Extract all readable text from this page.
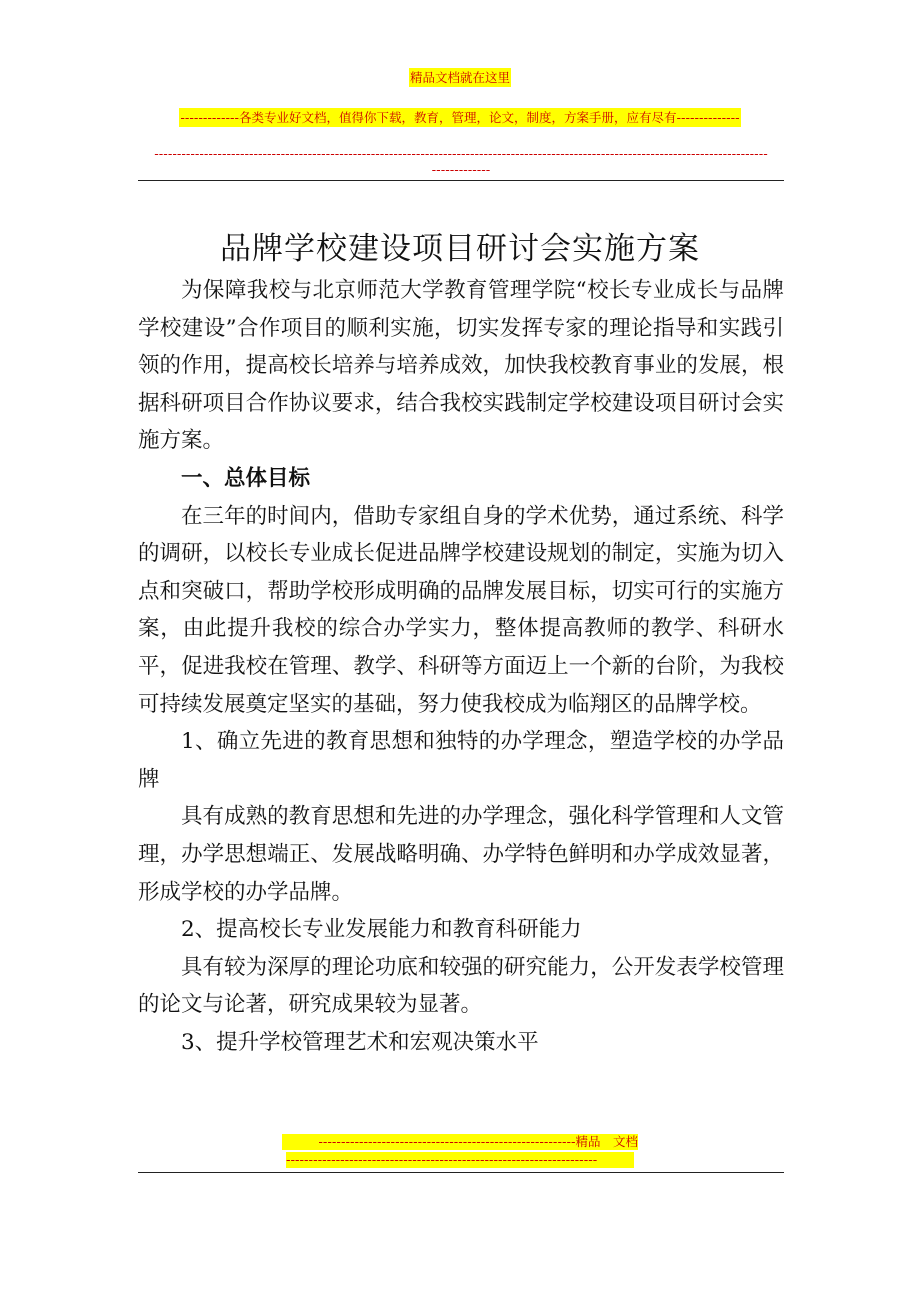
精品文档就在这里
-------------各类专业好文档，值得你下载，教育，管理，论文，制度，方案手册，应有尽有--------------
----------------------------------------------------------------------------------------------------------------------------------------
-------------
品牌学校建设项目研讨会实施方案

为保障我校与北京师范大学教育管理学院“校长专业成长与品牌学校建设”合作项目的顺利实施，切实发挥专家的理论指导和实践引领的作用，提高校长培养与培养成效，加快我校教育事业的发展，根据科研项目合作协议要求，结合我校实践制定学校建设项目研讨会实施方案。

一、总体目标

在三年的时间内，借助专家组自身的学术优势，通过系统、科学的调研，以校长专业成长促进品牌学校建设规划的制定，实施为切入点和突破口，帮助学校形成明确的品牌发展目标，切实可行的实施方案，由此提升我校的综合办学实力，整体提高教师的教学、科研水平，促进我校在管理、教学、科研等方面迈上一个新的台阶，为我校可持续发展奠定坚实的基础，努力使我校成为临翔区的品牌学校。

1、确立先进的教育思想和独特的办学理念，塑造学校的办学品牌

具有成熟的教育思想和先进的办学理念，强化科学管理和人文管理，办学思想端正、发展战略明确、办学特色鲜明和办学成效显著，形成学校的办学品牌。

2、提高校长专业发展能力和教育科研能力

具有较为深厚的理论功底和较强的研究能力，公开发表学校管理的论文与论著，研究成果较为显著。

3、提升学校管理艺术和宏观决策水平

---------------------------------------------------------精品　文档
---------------------------------------------------------------------
